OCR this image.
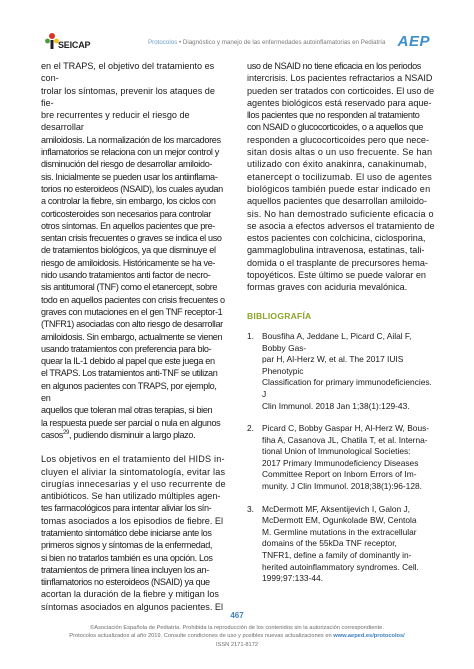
SEICAP	Protocolos • Diagnóstico y manejo de las enfermedades autoinflamatorias en Pediatría AEP

en el TRAPS, el objetivo del tratamiento es con-
trolar los síntomas, prevenir los ataques de fie-
bre recurrentes y reducir el riesgo de desarrollar
amiloidosis. La normalización de los marcadores
inflamatorios se relaciona con un mejor control y
disminución del riesgo de desarrollar amiloido-
sis. Inicialmente se pueden usar los antiinflama-
torios no esteroideos (NSAID), los cuales ayudan
a controlar la fiebre, sin embargo, los ciclos con
corticosteroides son necesarios para controlar
otros síntomas. En aquellos pacientes que pre-
sentan crisis frecuentes o graves se indica el uso
de tratamientos biológicos, ya que disminuye el
riesgo de amiloidosis. Históricamente se ha ve-
nido usando tratamientos anti factor de necro-
sis antitumoral (TNF) como el etanercept, sobre
todo en aquellos pacientes con crisis frecuentes o
graves con mutaciones en el gen TNF receptor-1
(TNFR1) asociadas con alto riesgo de desarrollar
amiloidosis. Sin embargo, actualmente se vienen
usando tratamientos con preferencia para blo-
quear la IL-1 debido al papel que este juega en
el TRAPS. Los tratamientos anti-TNF se utilizan
en algunos pacientes con TRAPS, por ejemplo, en
aquellos que toleran mal otras terapias, si bien
la respuesta puede ser parcial o nula en algunos
casos$^{29}$, pudiendo disminuir a largo plazo.

Los objetivos en el tratamiento del HIDS in-
cluyen el aliviar la sintomatología, evitar las
cirugías innecesarias y el uso recurrente de
antibióticos. Se han utilizado múltiples agen-
tes farmacológicos para intentar aliviar los sín-
tomas asociados a los episodios de fiebre. El
tratamiento sintomático debe iniciarse ante los
primeros signos y síntomas de la enfermedad,
si bien no tratarlos también es una opción. Los
tratamientos de primera línea incluyen los an-
tiinflamatorios no esteroideos (NSAID) ya que
acortan la duración de la fiebre y mitigan los
síntomas asociados en algunos pacientes. El

uso de NSAID no tiene eficacia en los periodos
intercrisis. Los pacientes refractarios a NSAID
pueden ser tratados con corticoides. El uso de
agentes biológicos está reservado para aque-
llos pacientes que no responden al tratamiento
con NSAID o glucocorticoides, o a aquellos que
responden a glucocorticoides pero que nece-
sitan dosis altas o un uso frecuente. Se han
utilizado con éxito anakinra, canakinumab,
etanercept o tocilizumab. El uso de agentes
biológicos también puede estar indicado en
aquellos pacientes que desarrollan amiloido-
sis. No han demostrado suficiente eficacia o
se asocia a efectos adversos el tratamiento de
estos pacientes con colchicina, ciclosporina,
gammaglobulina intravenosa, estatinas, tali-
domida o el trasplante de precursores hema-
topoyéticos. Este último se puede valorar en
formas graves con aciduria mevalónica.

BIBLIOGRAFÍA
1. Bousfiha A, Jeddane L, Picard C, Ailal F, Bobby Gas-
par H, Al-Herz W, et al. The 2017 IUIS Phenotypic
Classification for primary immunodeficiencies. J
Clin Immunol. 2018 Jan 1;38(1):129-43.
2. Picard C, Bobby Gaspar H, Al-Herz W, Bous-
fiha A, Casanova JL, Chatila T, et al. Interna-
tional Union of Immunological Societies:
2017 Primary Immunodeficiency Diseases
Committee Report on Inborn Errors of Im-
munity. J Clin Immunol. 2018;38(1):96-128.
3. McDermott MF, Aksentijevich I, Galon J,
McDermott EM, Ogunkolade BW, Centola
M. Germline mutations in the extracellular
domains of the 55kDa TNF receptor,
TNFR1, define a family of dominantly in-
herited autoinflammatory syndromes. Cell.
1999;97:133-44.
467
©Asociación Española de Pediatría. Prohibida la reproducción de los contenidos sin la autorización correspondiente.
Protocolos actualizados al año 2019. Consulte condiciones de uso y posibles nuevas actualizaciones en www.aeped.es/protocolos/
ISSN 2171-8172
